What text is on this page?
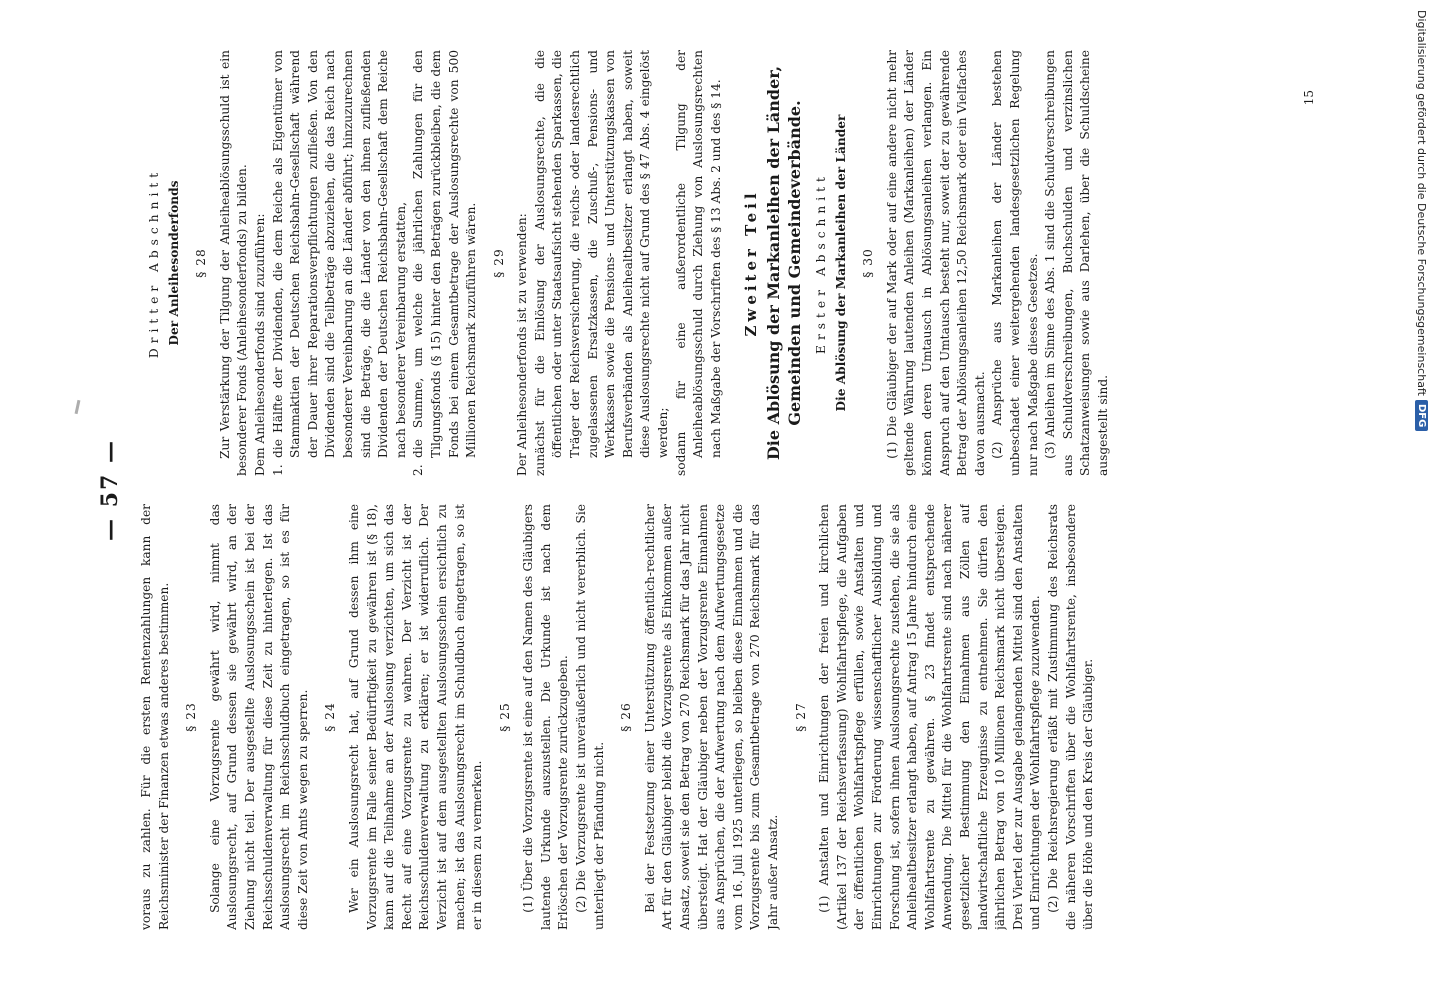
— 57 —

voraus zu zahlen. Für die ersten Rentenzahlungen kann der Reichsminister der Finanzen etwas anderes bestimmen. § 23 Solange eine Vorzugsrente gewährt wird, nimmt das Auslosungsrecht, auf Grund dessen sie gewährt wird, an der Ziehung nicht teil. Der ausgestellte Auslosungsschein ist bei der Reichsschuldenverwaltung für diese Zeit zu hinterlegen. Ist das Auslosungsrecht im Reichsschuldbuch eingetragen, so ist es für diese Zeit von Amts wegen zu sperren. § 24 Wer ein Auslosungsrecht hat, auf Grund dessen ihm eine Vorzugsrente im Falle seiner Bedürftigkeit zu gewähren ist (§ 18), kann auf die Teilnahme an der Auslosung verzichten, um sich das Recht auf eine Vorzugsrente zu wahren. Der Verzicht ist der Reichsschuldenverwaltung zu erklären; er ist widerruflich. Der Verzicht ist auf dem ausgestellten Auslosungsschein ersichtlich zu machen; ist das Auslosungsrecht im Schuldbuch eingetragen, so ist er in diesem zu vermerken.

§ 25 (1) Über die Vorzugsrente ist eine auf den Namen des Gläubigers lautende Urkunde auszustellen. Die Urkunde ist nach dem Erlöschen der Vorzugsrente zurückzugeben. (2) Die Vorzugsrente ist unveräußerlich und nicht vererblich. Sie unterliegt der Pfändung nicht.

§ 26 Bei der Festsetzung einer Unterstützung öffentlich-rechtlicher Art für den Gläubiger bleibt die Vorzugsrente als Einkommen außer Ansatz, soweit sie den Betrag von 270 Reichsmark für das Jahr nicht übersteigt. Hat der Gläubiger neben der Vorzugsrente Einnahmen aus Ansprüchen, die der Aufwertung nach dem Aufwertungsgesetze vom 16. Juli 1925 unterliegen, so bleiben diese Einnahmen und die Vorzugsrente bis zum Gesamtbetrage von 270 Reichsmark für das Jahr außer Ansatz.

§ 27 (1) Anstalten und Einrichtungen der freien und kirchlichen (Artikel 137 der Reichsverfassung) Wohlfahrtspflege, die Aufgaben der öffentlichen Wohlfahrtspflege erfüllen, sowie Anstalten und Einrichtungen zur Förderung wissenschaftlicher Ausbildung und Forschung ist, sofern ihnen Auslosungsrechte zustehen, die sie als Anleihealtbesitzer erlangt haben, auf Antrag 15 Jahre hindurch eine Wohlfahrtsrente zu gewähren. § 23 findet entsprechende Anwendung. Die Mittel für die Wohlfahrtsrente sind nach näherer gesetzlicher Bestimmung den Einnahmen aus Zöllen auf landwirtschaftliche Erzeugnisse zu entnehmen. Sie dürfen den jährlichen Betrag von 10 Millionen Reichsmark nicht übersteigen. Drei Viertel der zur Ausgabe gelangenden Mittel sind den Anstalten und Einrichtungen der Wohlfahrtspflege zuzuwenden. (2) Die Reichsregierung erläßt mit Zustimmung des Reichsrats die näheren Vorschriften über die Wohlfahrtsrente, insbesondere über die Höhe und den Kreis der Gläubiger.

Dritter Abschnitt Der Anleihesonderfonds § 28 Zur Verstärkung der Tilgung der Anleiheablösungsschuld ist ein besonderer Fonds (Anleihesonderfonds) zu bilden. Dem Anleihesonderfonds sind zuzuführen: 1.
die Hälfte der Dividenden, die dem Reiche als Eigentümer von Stammaktien der Deutschen Reichsbahn-Gesellschaft während der Dauer ihrer Reparationsverpflichtungen zufließen. Von den Dividenden sind die Teilbeträge abzuziehen, die das Reich nach besonderer Vereinbarung an die Länder abführt; hinzuzurechnen sind die Beträge, die die Länder von den ihnen zufließenden Dividenden der Deutschen Reichsbahn-Gesellschaft dem Reiche nach besonderer Vereinbarung erstatten,
2.
die Summe, um welche die jährlichen Zahlungen für den Tilgungsfonds (§ 15) hinter den Beträgen zurückbleiben, die dem Fonds bei einem Gesamtbetrage der Auslosungsrechte von 500 Millionen Reichsmark zuzuführen wären. § 29 Der Anleihesonderfonds ist zu verwenden: zunächst für die Einlösung der Auslosungsrechte, die die öffentlichen oder unter Staatsaufsicht stehenden Sparkassen, die Träger der Reichsversicherung, die reichs- oder landesrechtlich zugelassenen Ersatzkassen, die Zuschuß-, Pensions- und Werkkassen sowie die Pensions- und Unterstützungskassen von Berufsverbänden als Anleihealtbesitzer erlangt haben, soweit diese Auslosungsrechte nicht auf Grund des § 47 Abs. 4 eingelöst werden; sodann für eine außerordentliche Tilgung der Anleiheablösungsschuld durch Ziehung von Auslosungsrechten nach Maßgabe der Vorschriften des § 13 Abs. 2 und des § 14. Zweiter Teil Die Ablösung der Markanleihen der Länder, Gemeinden und Gemeindeverbände. Erster Abschnitt Die Ablösung der Markanleihen der Länder § 30 (1) Die Gläubiger der auf Mark oder auf eine andere nicht mehr geltende Währung lautenden Anleihen (Markanleihen) der Länder können deren Umtausch in Ablösungsanleihen verlangen. Ein Anspruch auf den Umtausch besteht nur, soweit der zu gewährende Betrag der Ablösungsanleihen 12,50 Reichsmark oder ein Vielfaches davon ausmacht. (2) Ansprüche aus Markanleihen der Länder bestehen unbeschadet einer weitergehenden landesgesetzlichen Regelung nur nach Maßgabe dieses Gesetzes. (3) Anleihen im Sinne des Abs. 1 sind die Schuldverschreibungen aus Schuldverschreibungen, Buchschulden und verzinslichen Schatzanweisungen sowie aus Darlehen, über die Schuldscheine ausgestellt sind.

15	Digitalisierung gefördert durch die Deutsche Forschungsgemeinschaft
DFG
